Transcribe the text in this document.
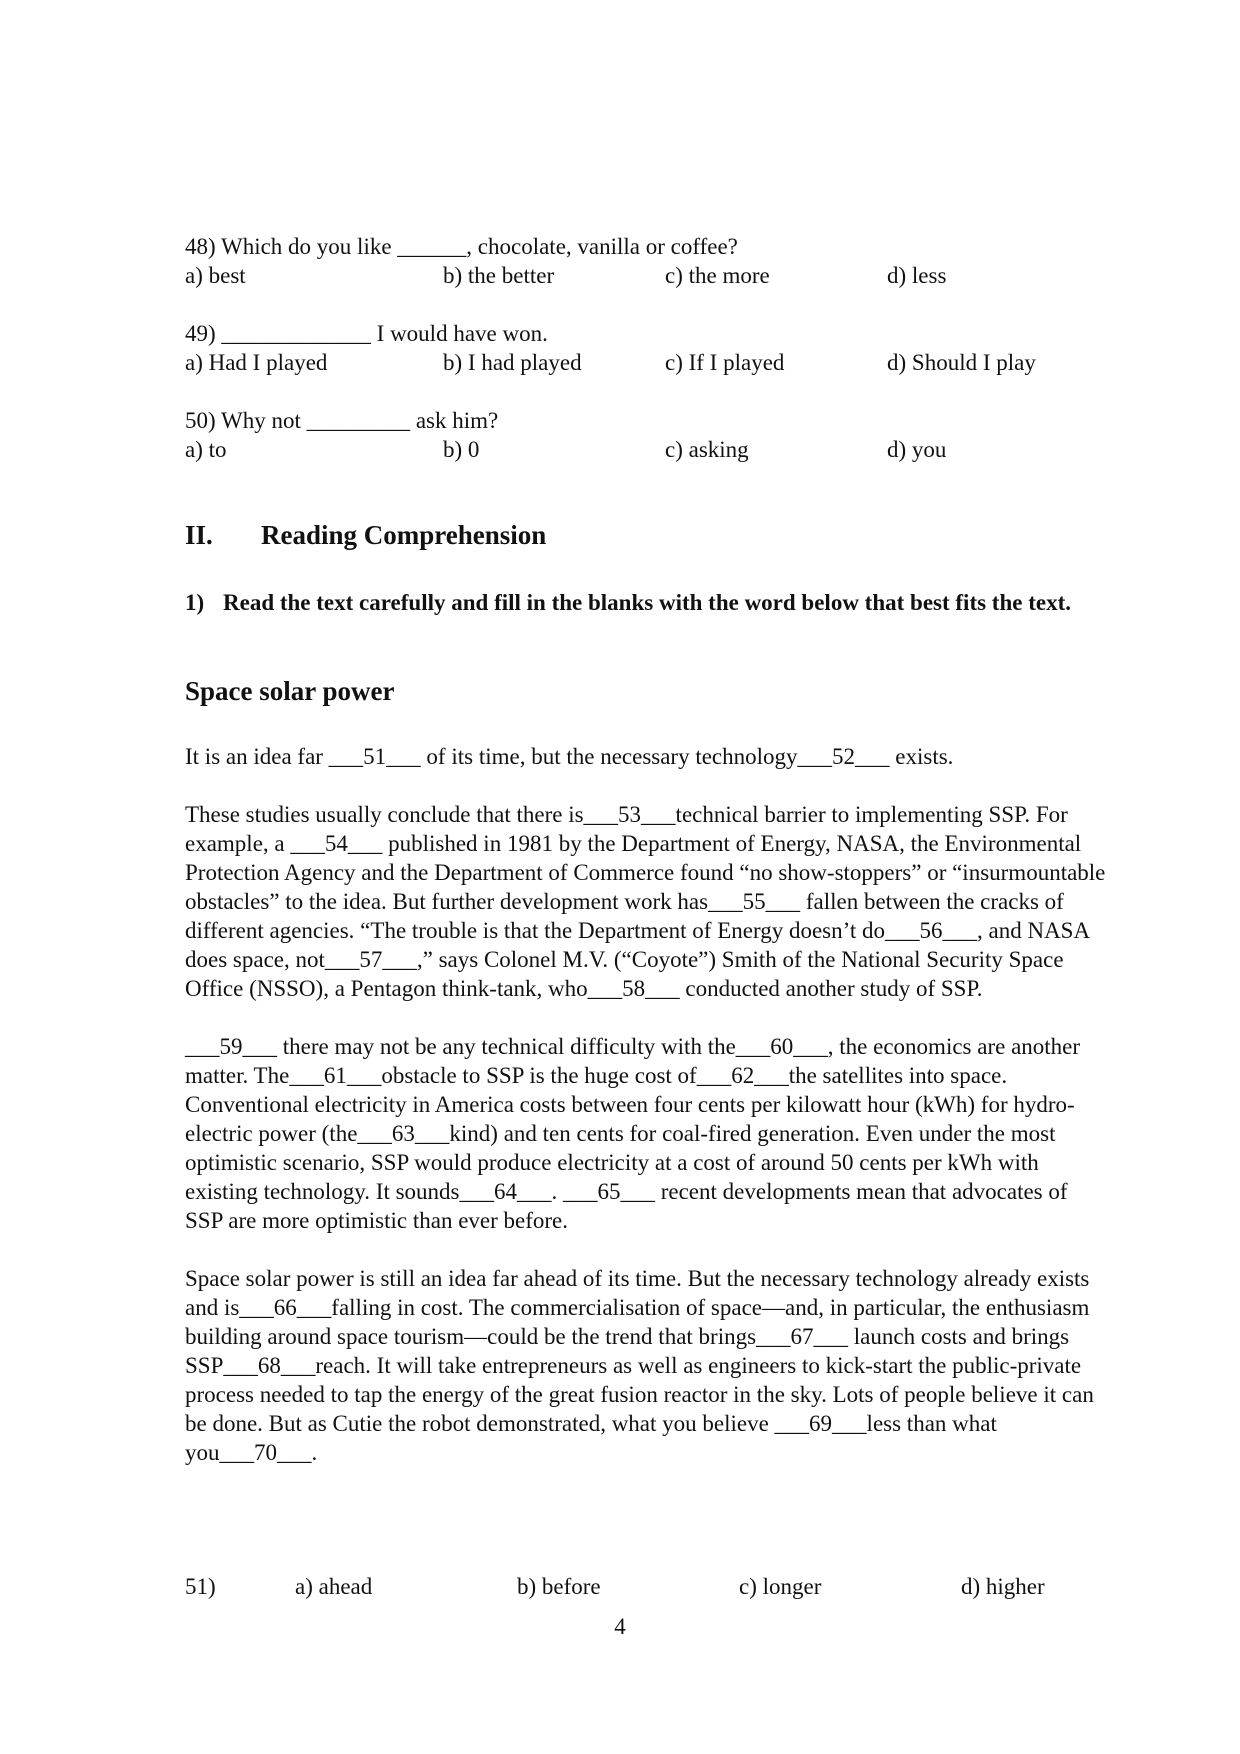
48) Which do you like ______, chocolate, vanilla or coffee?

a) best	b) the better	c) the more	d) less

49) _____________ I would have won.

a) Had I played	b) I had played	c) If I played	d) Should I play

50) Why not _________ ask him?

a) to	b) 0	c) asking	d) you
II. Reading Comprehension
1) Read the text carefully and fill in the blanks with the word below that best fits the text.
Space solar power

It is an idea far ___51___ of its time, but the necessary technology___52___ exists.

These studies usually conclude that there is___53___technical barrier to implementing SSP. For example, a ___54___ published in 1981 by the Department of Energy, NASA, the Environmental Protection Agency and the Department of Commerce found “no show-stoppers” or “insurmountable obstacles” to the idea. But further development work has___55___ fallen between the cracks of different agencies. “The trouble is that the Department of Energy doesn’t do___56___, and NASA does space, not___57___,” says Colonel M.V. (“Coyote”) Smith of the National Security Space Office (NSSO), a Pentagon think-tank, who___58___ conducted another study of SSP.

___59___ there may not be any technical difficulty with the___60___, the economics are another matter. The___61___obstacle to SSP is the huge cost of___62___the satellites into space. Conventional electricity in America costs between four cents per kilowatt hour (kWh) for hydro-electric power (the___63___kind) and ten cents for coal-fired generation. Even under the most optimistic scenario, SSP would produce electricity at a cost of around 50 cents per kWh with existing technology. It sounds___64___. ___65___ recent developments mean that advocates of SSP are more optimistic than ever before.

Space solar power is still an idea far ahead of its time. But the necessary technology already exists and is___66___falling in cost. The commercialisation of space—and, in particular, the enthusiasm building around space tourism—could be the trend that brings___67___ launch costs and brings SSP___68___reach. It will take entrepreneurs as well as engineers to kick-start the public-private process needed to tap the energy of the great fusion reactor in the sky. Lots of people believe it can be done. But as Cutie the robot demonstrated, what you believe ___69___less than what you___70___.

51)	a) ahead	b) before	c) longer	d) higher
4
